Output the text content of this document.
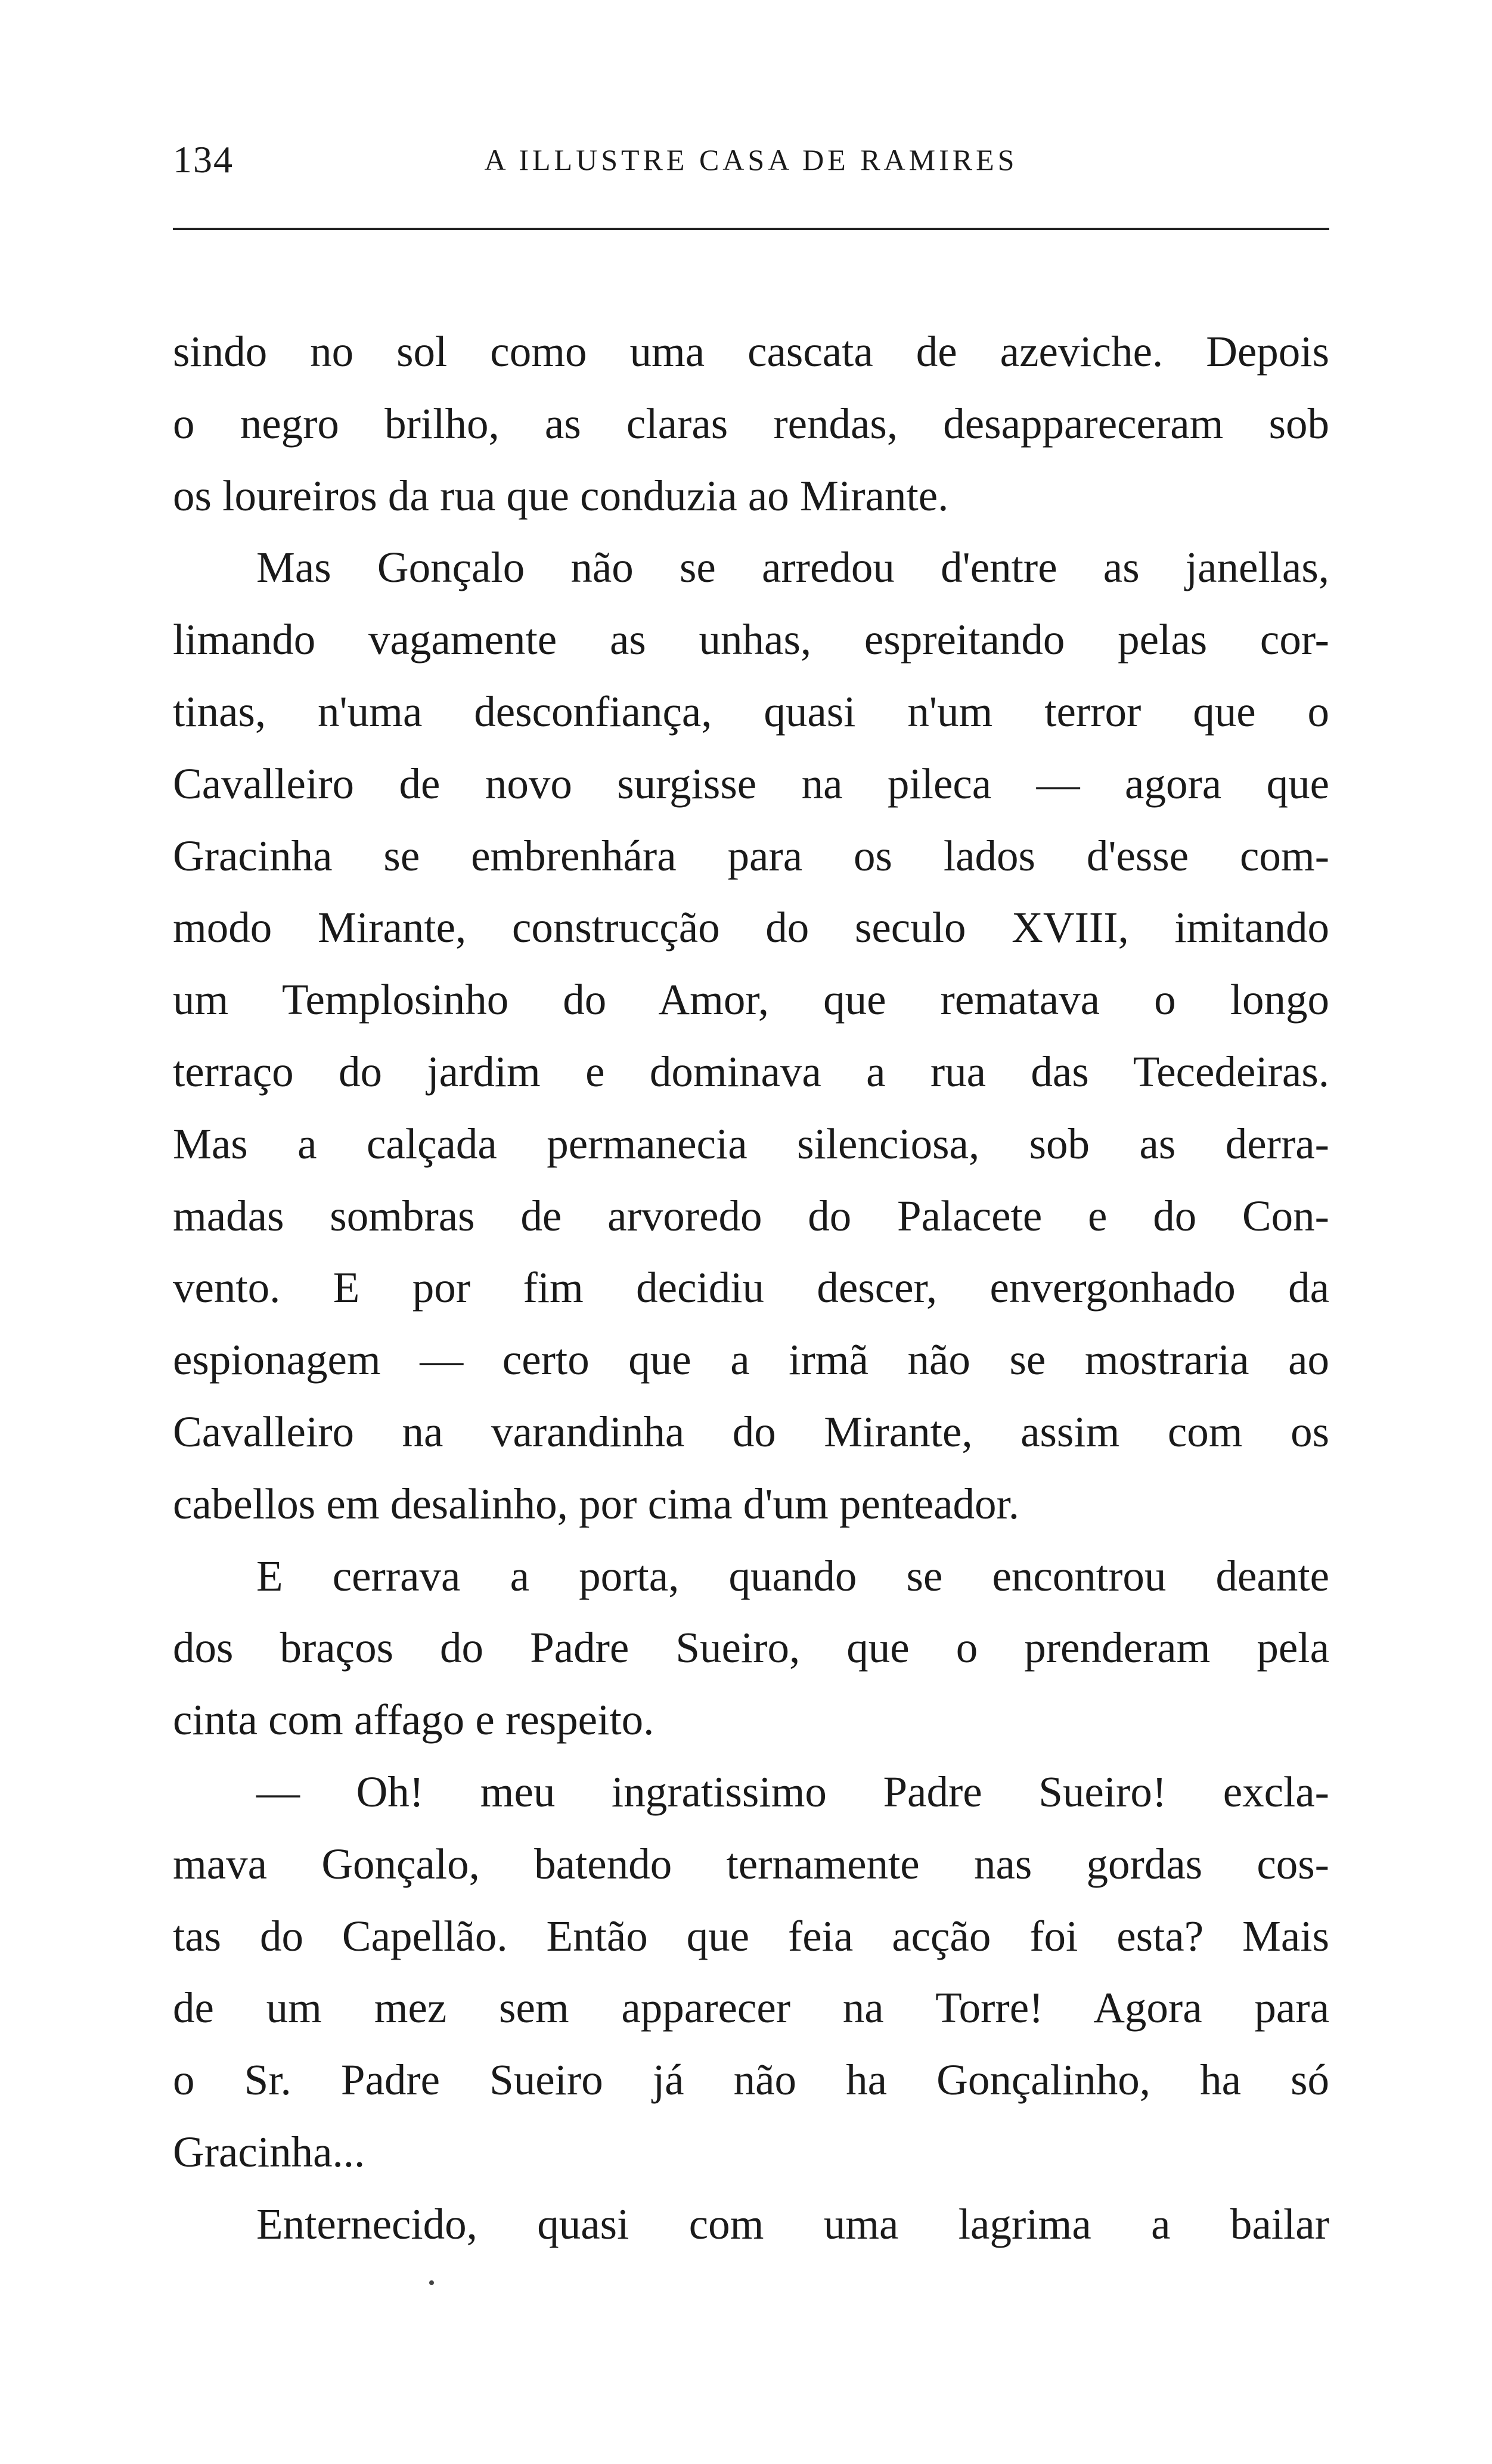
134	A ILLUSTRE CASA DE RAMIRES
sindo no sol como uma cascata de azeviche. Depois
o negro brilho, as claras rendas, desappareceram sob
os loureiros da rua que conduzia ao Mirante.
Mas Gonçalo não se arredou d'entre as janellas,
limando vagamente as unhas, espreitando pelas cor-
tinas, n'uma desconfiança, quasi n'um terror que o
Cavalleiro de novo surgisse na pileca — agora que
Gracinha se embrenhára para os lados d'esse com-
modo Mirante, construcção do seculo XVIII, imitando
um Templosinho do Amor, que rematava o longo
terraço do jardim e dominava a rua das Tecedeiras.
Mas a calçada permanecia silenciosa, sob as derra-
madas sombras de arvoredo do Palacete e do Con-
vento. E por fim decidiu descer, envergonhado da
espionagem — certo que a irmã não se mostraria ao
Cavalleiro na varandinha do Mirante, assim com os
cabellos em desalinho, por cima d'um penteador.
E cerrava a porta, quando se encontrou deante
dos braços do Padre Sueiro, que o prenderam pela
cinta com affago e respeito.
— Oh! meu ingratissimo Padre Sueiro! excla-
mava Gonçalo, batendo ternamente nas gordas cos-
tas do Capellão. Então que feia acção foi esta? Mais
de um mez sem apparecer na Torre! Agora para
o Sr. Padre Sueiro já não ha Gonçalinho, ha só
Gracinha...
Enternecido, quasi com uma lagrima a bailar
